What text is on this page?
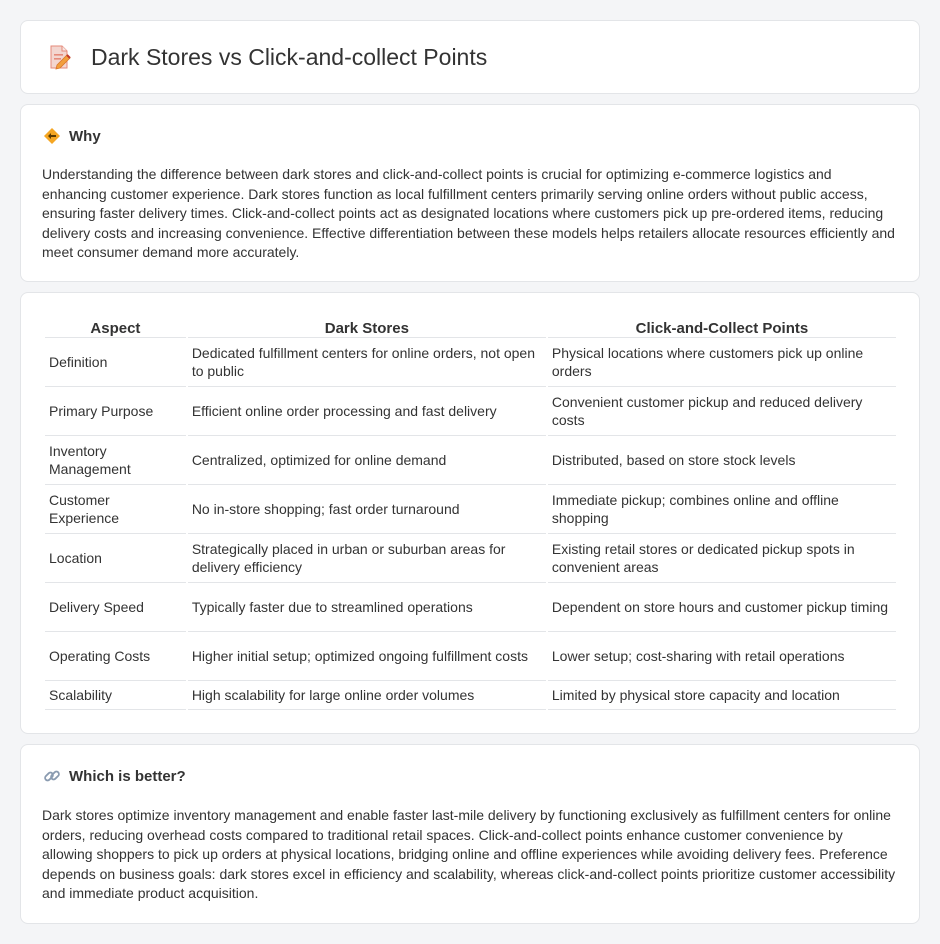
Dark Stores vs Click-and-collect Points
Why

Understanding the difference between dark stores and click-and-collect points is crucial for optimizing e-commerce logistics and enhancing customer experience. Dark stores function as local fulfillment centers primarily serving online orders without public access, ensuring faster delivery times. Click-and-collect points act as designated locations where customers pick up pre-ordered items, reducing delivery costs and increasing convenience. Effective differentiation between these models helps retailers allocate resources efficiently and meet consumer demand more accurately.

Aspect	Dark Stores	Click-and-Collect Points
Definition	Dedicated fulfillment centers for online orders, not open to public	Physical locations where customers pick up online orders
Primary Purpose	Efficient online order processing and fast delivery	Convenient customer pickup and reduced delivery costs
Inventory Management	Centralized, optimized for online demand	Distributed, based on store stock levels
Customer Experience	No in-store shopping; fast order turnaround	Immediate pickup; combines online and offline shopping
Location	Strategically placed in urban or suburban areas for delivery efficiency	Existing retail stores or dedicated pickup spots in convenient areas
Delivery Speed	Typically faster due to streamlined operations	Dependent on store hours and customer pickup timing
Operating Costs	Higher initial setup; optimized ongoing fulfillment costs	Lower setup; cost-sharing with retail operations
Scalability	High scalability for large online order volumes	Limited by physical store capacity and location
Which is better?

Dark stores optimize inventory management and enable faster last-mile delivery by functioning exclusively as fulfillment centers for online orders, reducing overhead costs compared to traditional retail spaces. Click-and-collect points enhance customer convenience by allowing shoppers to pick up orders at physical locations, bridging online and offline experiences while avoiding delivery fees. Preference depends on business goals: dark stores excel in efficiency and scalability, whereas click-and-collect points prioritize customer accessibility and immediate product acquisition.
